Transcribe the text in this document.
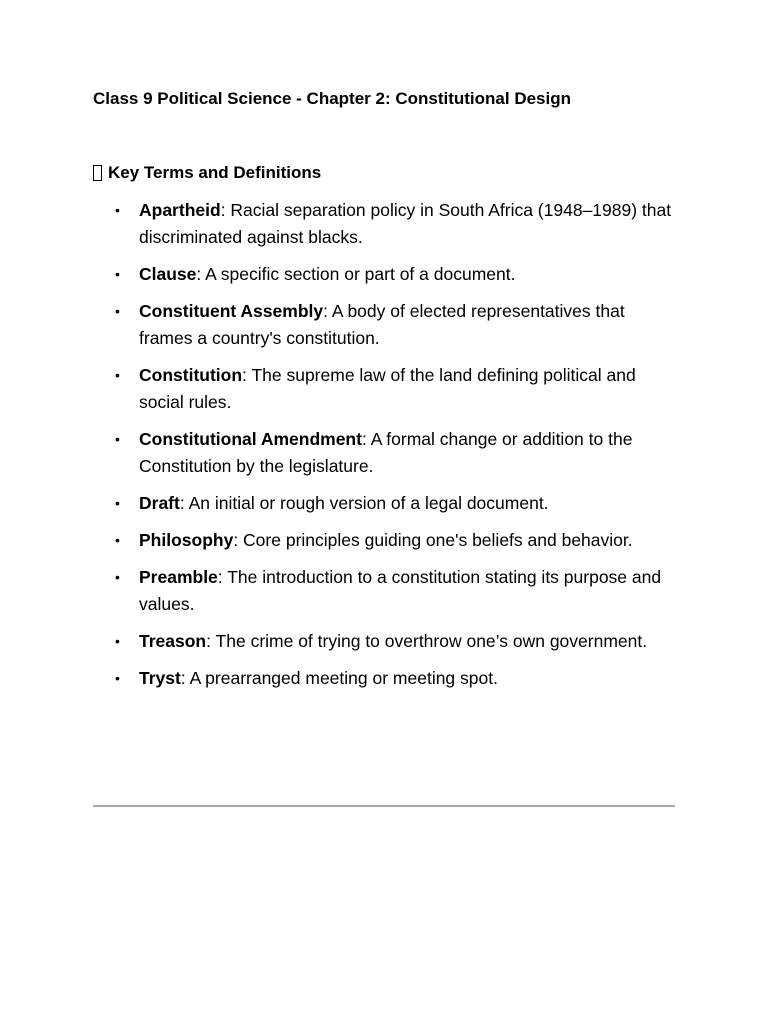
Class 9 Political Science - Chapter 2: Constitutional Design
Key Terms and Definitions
• Apartheid: Racial separation policy in South Africa (1948–1989) that discriminated against blacks.
• Clause: A specific section or part of a document.
• Constituent Assembly: A body of elected representatives that frames a country's constitution.
• Constitution: The supreme law of the land defining political and social rules.
• Constitutional Amendment: A formal change or addition to the Constitution by the legislature.
• Draft: An initial or rough version of a legal document.
• Philosophy: Core principles guiding one's beliefs and behavior.
• Preamble: The introduction to a constitution stating its purpose and values.
• Treason: The crime of trying to overthrow one’s own government.
• Tryst: A prearranged meeting or meeting spot.
